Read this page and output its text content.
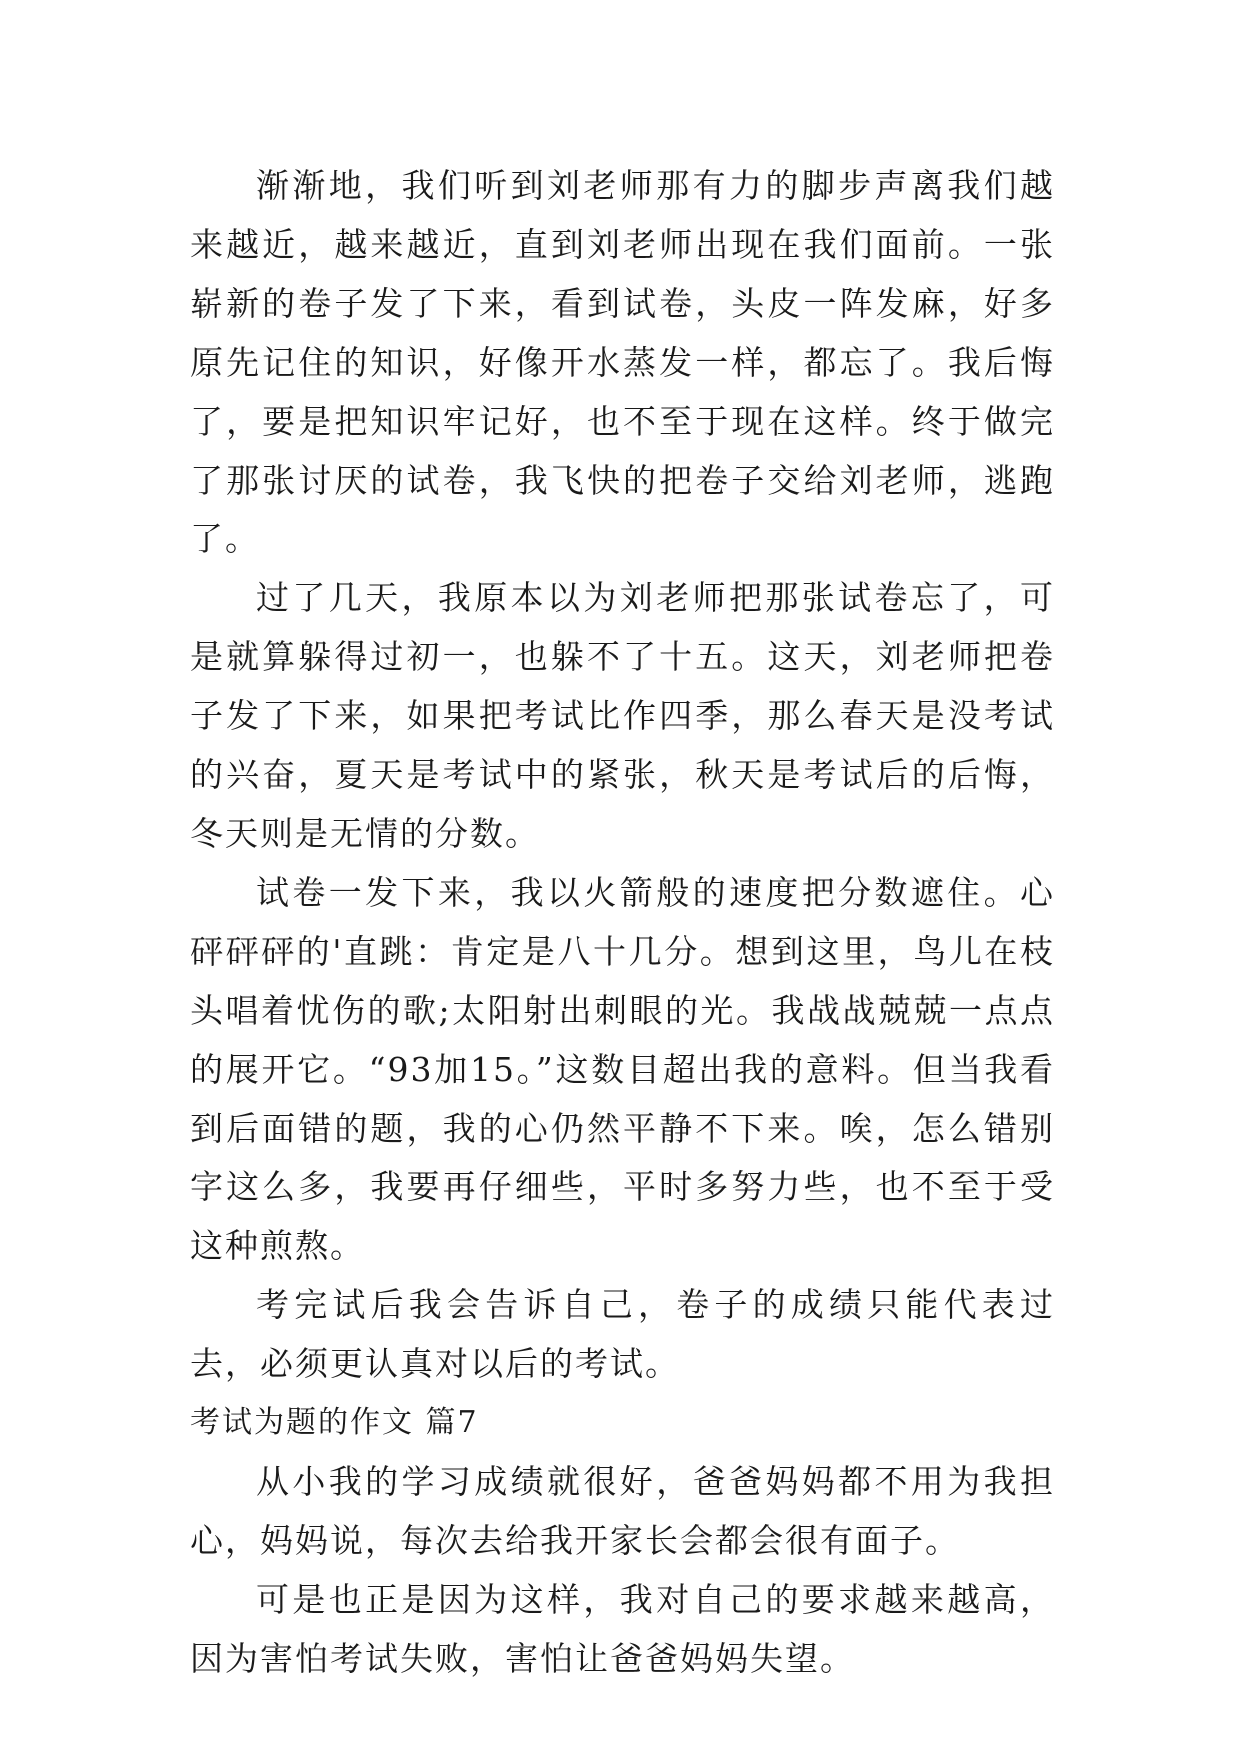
渐渐地，我们听到刘老师那有力的脚步声离我们越来越近，越来越近，直到刘老师出现在我们面前。一张崭新的卷子发了下来，看到试卷，头皮一阵发麻，好多原先记住的知识，好像开水蒸发一样，都忘了。我后悔了，要是把知识牢记好，也不至于现在这样。终于做完了那张讨厌的试卷，我飞快的把卷子交给刘老师，逃跑了。

过了几天，我原本以为刘老师把那张试卷忘了，可是就算躲得过初一，也躲不了十五。这天，刘老师把卷子发了下来，如果把考试比作四季，那么春天是没考试的兴奋，夏天是考试中的紧张，秋天是考试后的后悔，冬天则是无情的分数。

试卷一发下来，我以火箭般的速度把分数遮住。心砰砰砰的'直跳：肯定是八十几分。想到这里，鸟儿在枝头唱着忧伤的歌;太阳射出刺眼的光。我战战兢兢一点点的展开它。“93加15。”这数目超出我的意料。但当我看到后面错的题，我的心仍然平静不下来。唉，怎么错别字这么多，我要再仔细些，平时多努力些，也不至于受这种煎熬。

考完试后我会告诉自己，卷子的成绩只能代表过去，必须更认真对以后的考试。

考试为题的作文 篇7

从小我的学习成绩就很好，爸爸妈妈都不用为我担心，妈妈说，每次去给我开家长会都会很有面子。

可是也正是因为这样，我对自己的要求越来越高，因为害怕考试失败，害怕让爸爸妈妈失望。
